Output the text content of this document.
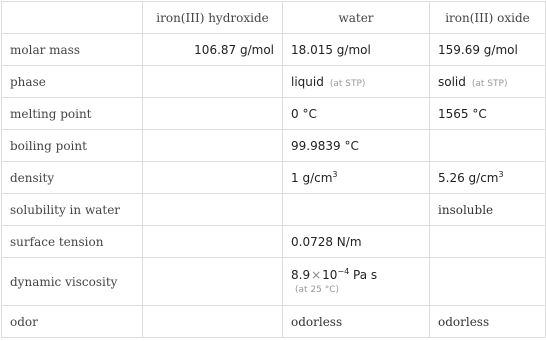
	iron(III) hydroxide	water	iron(III) oxide
molar mass	106.87 g/mol	18.015 g/mol	159.69 g/mol
phase		liquid (at STP)	solid (at STP)
melting point		0 °C	1565 °C
boiling point		99.9839 °C	
density		1 $g/cm^3$	5.26 $g/cm^3$
solubility in water			insoluble
surface tension		0.0728 N/m	
dynamic viscosity		$8.9\times 10^{-4}$ Pa s
(at 25 °C)	

odor		odorless	odorless
